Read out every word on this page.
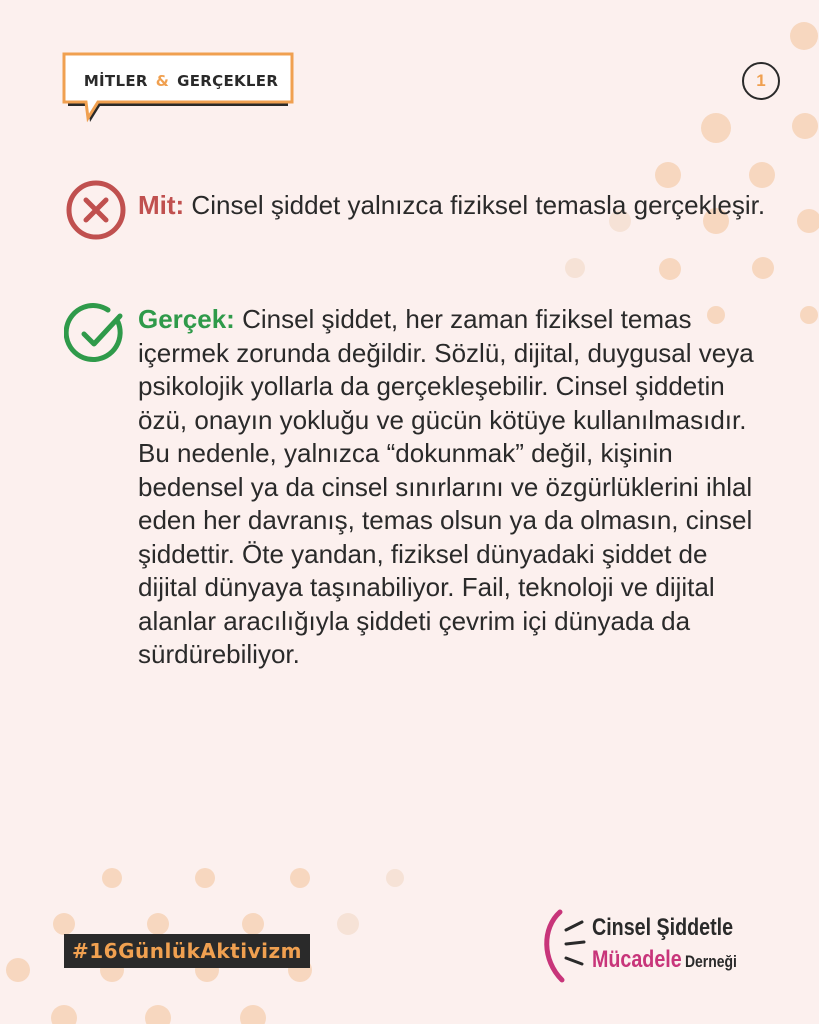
MİTLER & GERÇEKLER	1

Mit: Cinsel şiddet yalnızca fiziksel temasla gerçekleşir.

Gerçek: Cinsel şiddet, her zaman fiziksel temas içermek zorunda değildir. Sözlü, dijital, duygusal veya psikolojik yollarla da gerçekleşebilir. Cinsel şiddetin özü, onayın yokluğu ve gücün kötüye kullanılmasıdır. Bu nedenle, yalnızca “dokunmak” değil, kişinin bedensel ya da cinsel sınırlarını ve özgürlüklerini ihlal eden her davranış, temas olsun ya da olmasın, cinsel şiddettir. Öte yandan, fiziksel dünyadaki şiddet de dijital dünyaya taşınabiliyor. Fail, teknoloji ve dijital alanlar aracılığıyla şiddeti çevrim içi dünyada da sürdürebiliyor.

#16GünlükAktivizm
Cinsel Şiddetle
Mücadele Derneği
